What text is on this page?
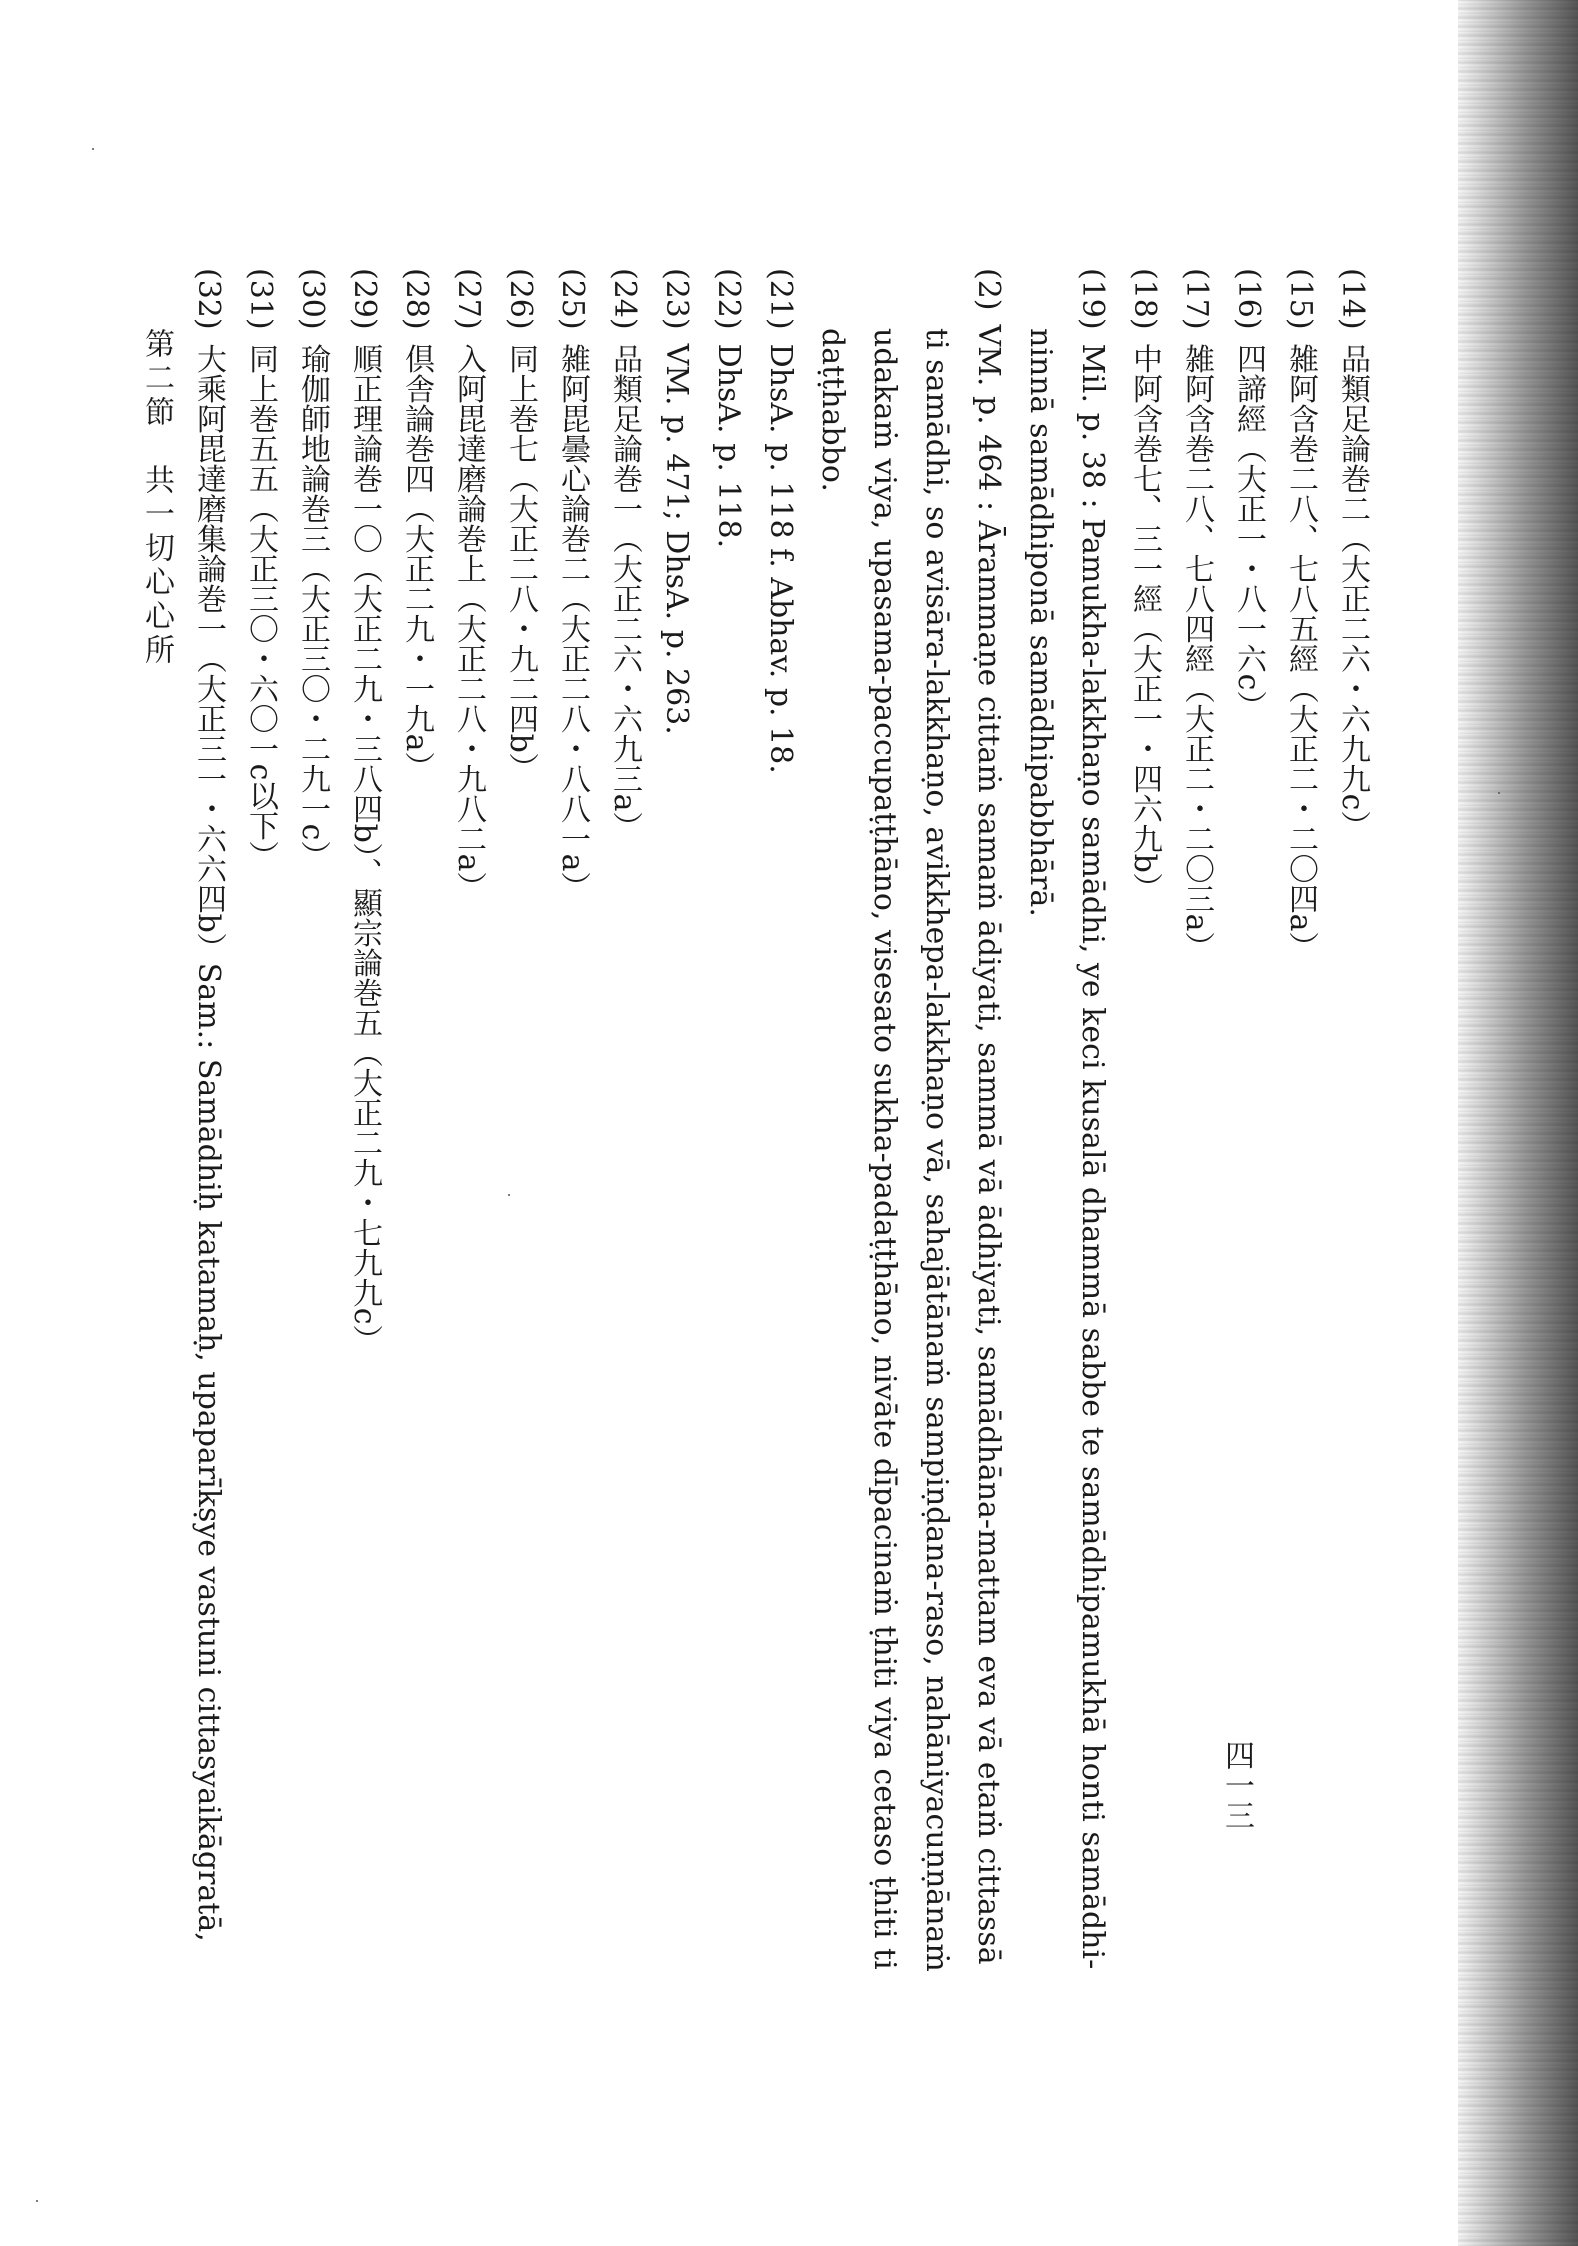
(14)品類足論巻二（大正二六・六九九c）
(15)雑阿含巻二八、七八五經（大正二・二〇四a）
(16)四諦經（大正一・八一六c）
(17)雑阿含巻二八、七八四經（大正二・二〇三a）
(18)中阿含巻七、三一經（大正一・四六九b）
(19)Mil. p. 38 : Pamukha-lakkhaṇo samādhi, ye keci kusalā dhammā sabbe te samādhipamukhā honti samādhi-
ninnā samādhiponā samādhipabbhārā.
(2)VM. p. 464 : Ārammaṇe cittaṁ samaṁ ādiyati, sammā vā ādhiyati, samādhāna-mattam eva vā etaṁ cittassā
ti samādhi, so avisāra-lakkhaṇo, avikkhepa-lakkhaṇo vā, sahajātānaṁ sampiṇḍana-raso, nahāniyacuṇṇānaṁ
udakaṁ viya, upasama-paccupaṭṭhāno, visesato sukha-padaṭṭhāno, nivāte dīpacinaṁ ṭhiti viya cetaso ṭhiti ti
daṭṭhabbo.
(21)DhsA. p. 118 f. Abhav. p. 18.
(22)DhsA. p. 118.
(23)VM. p. 471; DhsA. p. 263.
(24)品類足論巻一（大正二六・六九三a）
(25)雑阿毘曇心論巻二（大正二八・八八一a）
(26)同上巻七（大正二八・九二四b）
(27)入阿毘達磨論巻上（大正二八・九八二a）
(28)倶舎論巻四（大正二九・一九a）
(29)順正理論巻一〇（大正二九・三八四b）、顯宗論巻五（大正二九・七九九c）
(30)瑜伽師地論巻三（大正三〇・二九一c）
(31)同上巻五五（大正三〇・六〇一c以下）
(32)大乘阿毘達磨集論巻一（大正三一・六六四b）Sam.: Samādhiḥ katamaḥ, upaparīkṣye vastuni cittasyaikāgratā,
第二節　共一切心心所
四一三
